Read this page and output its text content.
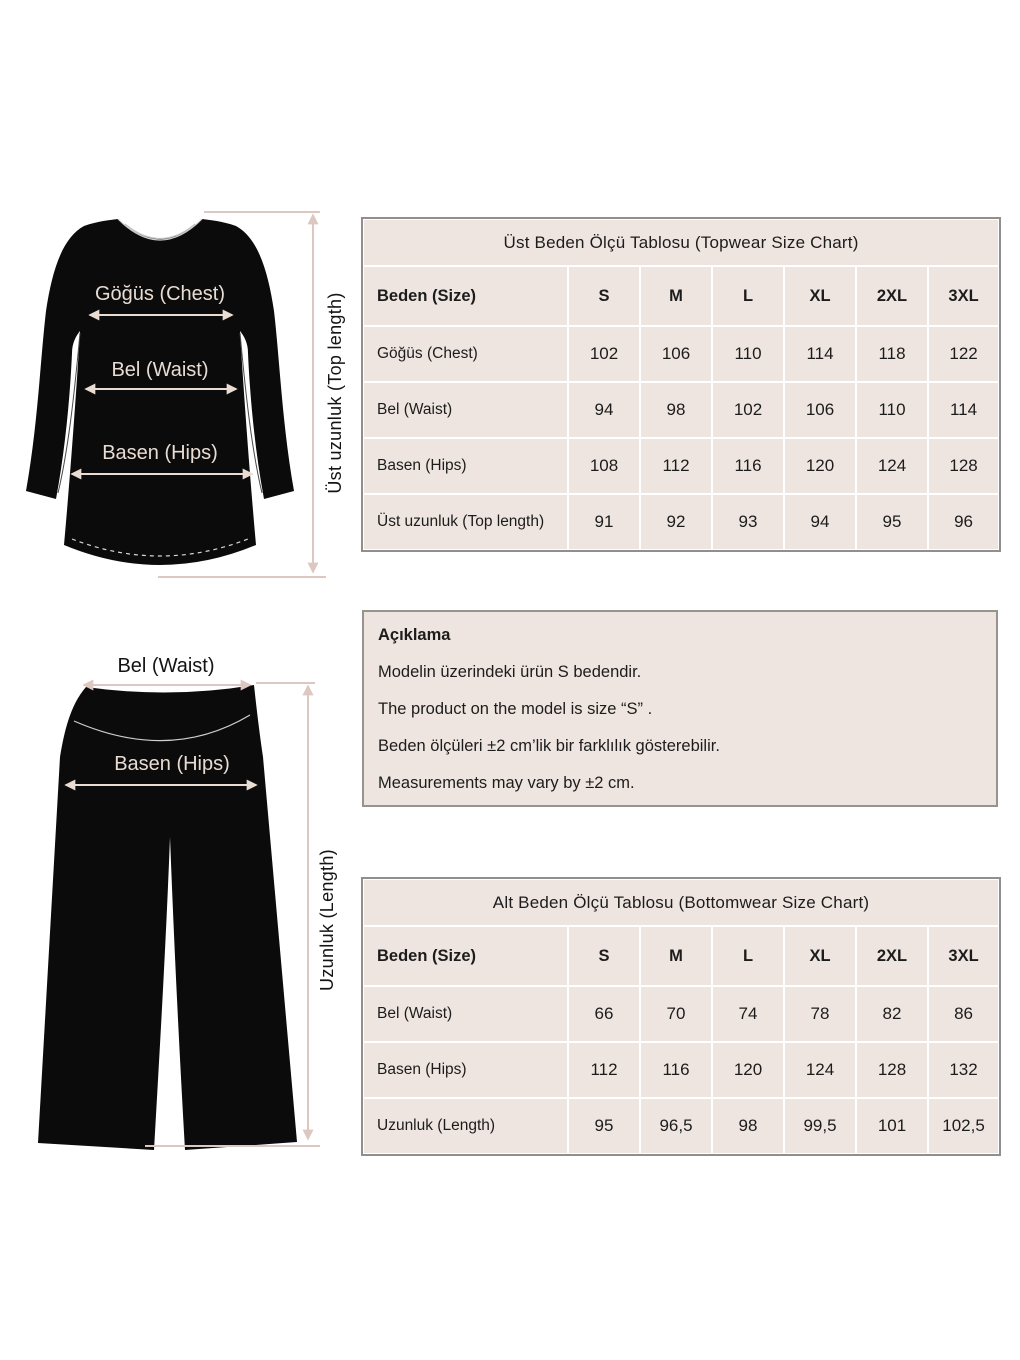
Göğüs (Chest)
Bel (Waist)
Basen (Hips)	Üst uzunluk (Top length)
Bel (Waist)
Basen (Hips)
Uzunluk (Length)
Üst Beden Ölçü Tablosu (Topwear Size Chart)						
Beden (Size)	S	M	L	XL	2XL	3XL
Göğüs (Chest)	102	106	110	114	118	122
Bel (Waist)	94	98	102	106	110	114
Basen (Hips)	108	112	116	120	124	128
Üst uzunluk (Top length)	91	92	93	94	95	96
Açıklama

Modelin üzerindeki ürün S bedendir.

The product on the model is size “S” .

Beden ölçüleri ±2 cm’lik bir farklılık gösterebilir.

Measurements may vary by ±2 cm.

Alt Beden Ölçü Tablosu (Bottomwear Size Chart)						
Beden (Size)	S	M	L	XL	2XL	3XL
Bel (Waist)	66	70	74	78	82	86
Basen (Hips)	112	116	120	124	128	132
Uzunluk (Length)	95	96,5	98	99,5	101	102,5
